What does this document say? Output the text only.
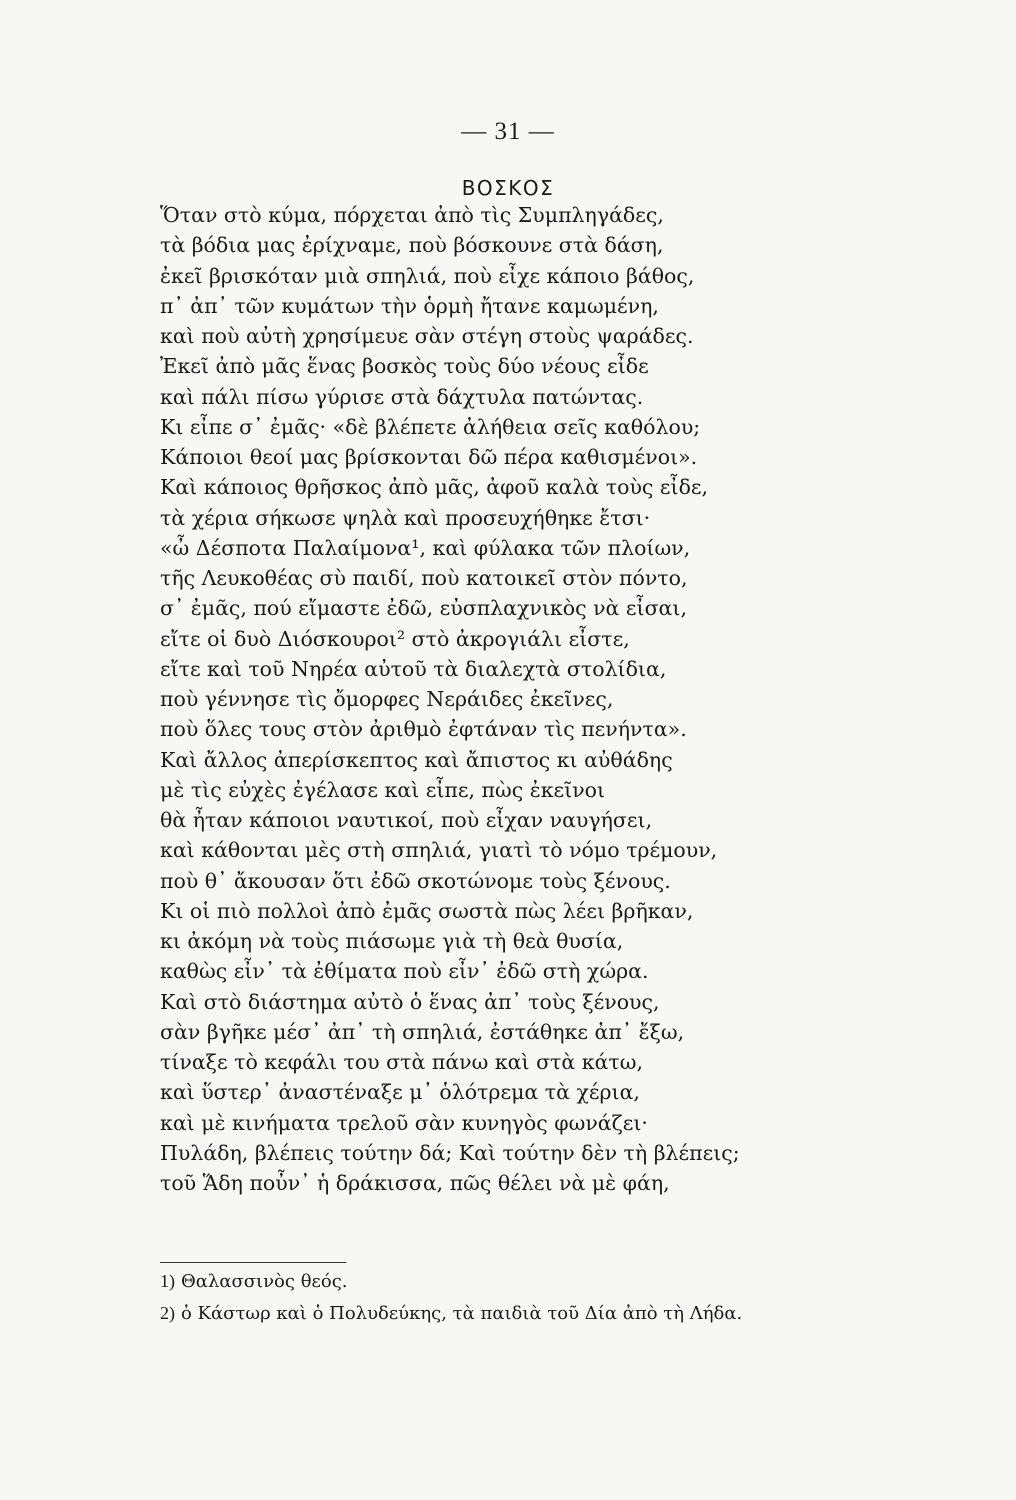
— 31 —
ΒΟΣΚΟΣ
Ὅταν στὸ κύμα, πόρχεται ἀπὸ τὶς Συμπληγάδες,
τὰ βόδια μας ἐρίχναμε, ποὺ βόσκουνε στὰ δάση,
ἐκεῖ βρισκόταν μιὰ σπηλιά, ποὺ εἶχε κάποιο βάθος,
π᾽ ἀπ᾽ τῶν κυμάτων τὴν ὁρμὴ ἤτανε καμωμένη,
καὶ ποὺ αὐτὴ χρησίμευε σὰν στέγη στοὺς ψαράδες.
Ἐκεῖ ἀπὸ μᾶς ἕνας βοσκὸς τοὺς δύο νέους εἶδε
καὶ πάλι πίσω γύρισε στὰ δάχτυλα πατώντας.
Κι εἶπε σ᾽ ἐμᾶς· «δὲ βλέπετε ἀλήθεια σεῖς καθόλου;
Κάποιοι θεοί μας βρίσκονται δῶ πέρα καθισμένοι».
Καὶ κάποιος θρῆσκος ἀπὸ μᾶς, ἀφοῦ καλὰ τοὺς εἶδε,
τὰ χέρια σήκωσε ψηλὰ καὶ προσευχήθηκε ἔτσι·
«ὦ Δέσποτα Παλαίμονα¹, καὶ φύλακα τῶν πλοίων,
τῆς Λευκοθέας σὺ παιδί, ποὺ κατοικεῖ στὸν πόντο,
σ᾽ ἐμᾶς, πού εἴμαστε ἐδῶ, εὐσπλαχνικὸς νὰ εἶσαι,
εἴτε οἱ δυὸ Διόσκουροι² στὸ ἀκρογιάλι εἶστε,
εἴτε καὶ τοῦ Νηρέα αὐτοῦ τὰ διαλεχτὰ στολίδια,
ποὺ γέννησε τὶς ὄμορφες Νεράιδες ἐκεῖνες,
ποὺ ὅλες τους στὸν ἀριθμὸ ἐφτάναν τὶς πενήντα».
Καὶ ἄλλος ἀπερίσκεπτος καὶ ἄπιστος κι αὐθάδης
μὲ τὶς εὐχὲς ἐγέλασε καὶ εἶπε, πὼς ἐκεῖνοι
θὰ ἦταν κάποιοι ναυτικοί, ποὺ εἶχαν ναυγήσει,
καὶ κάθονται μὲς στὴ σπηλιά, γιατὶ τὸ νόμο τρέμουν,
ποὺ θ᾽ ἄκουσαν ὅτι ἐδῶ σκοτώνομε τοὺς ξένους.
Κι οἱ πιὸ πολλοὶ ἀπὸ ἐμᾶς σωστὰ πὼς λέει βρῆκαν,
κι ἀκόμη νὰ τοὺς πιάσωμε γιὰ τὴ θεὰ θυσία,
καθὼς εἶν᾽ τὰ ἐθίματα ποὺ εἶν᾽ ἐδῶ στὴ χώρα.
Καὶ στὸ διάστημα αὐτὸ ὁ ἕνας ἀπ᾽ τοὺς ξένους,
σὰν βγῆκε μέσ᾽ ἀπ᾽ τὴ σπηλιά, ἐστάθηκε ἀπ᾽ ἔξω,
τίναξε τὸ κεφάλι του στὰ πάνω καὶ στὰ κάτω,
καὶ ὕστερ᾽ ἀναστέναξε μ᾽ ὁλότρεμα τὰ χέρια,
καὶ μὲ κινήματα τρελοῦ σὰν κυνηγὸς φωνάζει·
Πυλάδη, βλέπεις τούτην δά; Καὶ τούτην δὲν τὴ βλέπεις;
τοῦ Ἅδη ποὖν᾽ ἡ δράκισσα, πῶς θέλει νὰ μὲ φάη,
1) Θαλασσινὸς θεός.
2) ὁ Κάστωρ καὶ ὁ Πολυδεύκης, τὰ παιδιὰ τοῦ Δία ἀπὸ τὴ Λήδα.
